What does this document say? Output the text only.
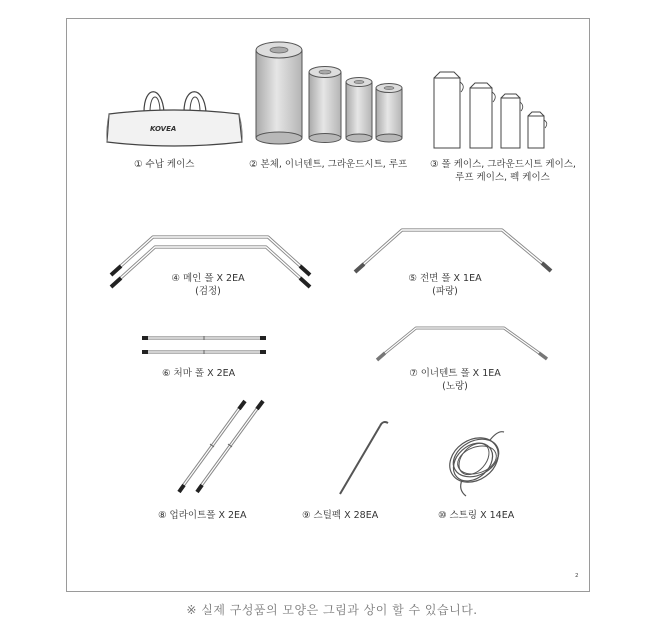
KOVEA
① 수납 케이스	② 본체, 이너텐트, 그라운드시트, 루프 ③ 폴 케이스, 그라운드시트 케이스,
루프 케이스, 펙 케이스
④ 메인 폴 X 2EA
(검정)
⑤ 전면 폴 X 1EA
(파랑)
⑥ 처마 폴 X 2EA	⑦ 이너텐트 폴 X 1EA
(노랑)
⑧ 업라이트폴 X 2EA	⑨ 스틸펙 X 28EA	⑩ 스트링 X 14EA
₂
※ 실제 구성품의 모양은 그림과 상이 할 수 있습니다.
